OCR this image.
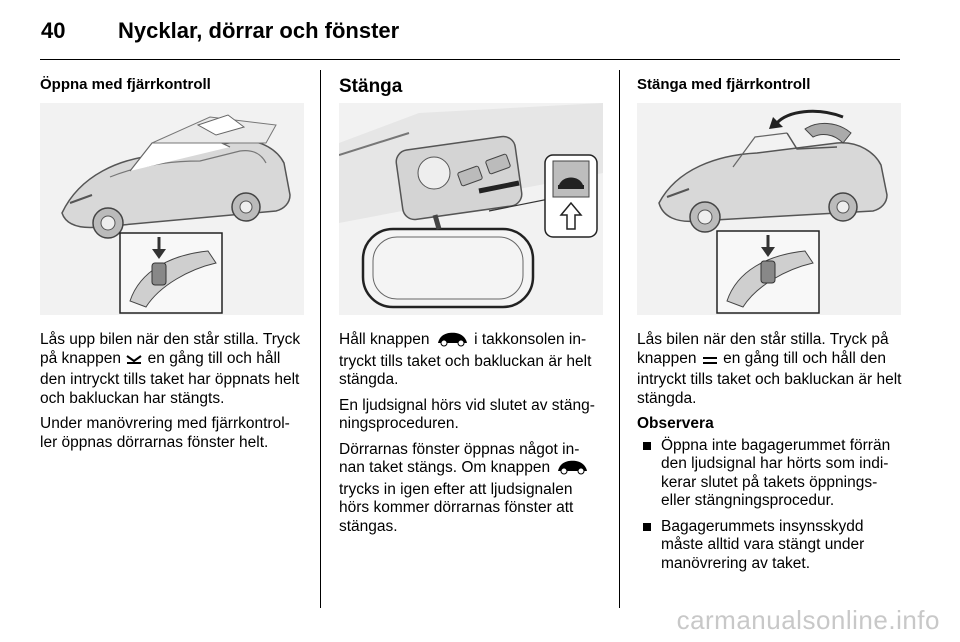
40 Nycklar, dörrar och fönster
Öppna med fjärrkontroll

Lås upp bilen när den står stilla. Tryck på knappen en gång till och håll den intryckt tills taket har öppnats helt och bakluckan har stängts.

Under manövrering med fjärrkontrol-ler öppnas dörrarnas fönster helt.

Stänga

Håll knappen	i takkonsolen in-tryckt tills taket och bakluckan är helt stängda.

En ljudsignal hörs vid slutet av stäng-ningsproceduren.

Dörrarnas fönster öppnas något in-nan taket stängs. Om knappen  trycks in igen efter att ljudsignalen hörs kommer dörrarnas fönster att stängas.

Stänga med fjärrkontroll

Lås bilen när den står stilla. Tryck på knappen en gång till och håll den intryckt tills taket och bakluckan är helt stängda.

Observera
Öppna inte bagagerummet förrän den ljudsignal har hörts som indi-kerar slutet på takets öppnings-eller stängningsprocedur.
Bagagerummets insynsskydd måste alltid vara stängt under manövrering av taket.
carmanualsonline.info
